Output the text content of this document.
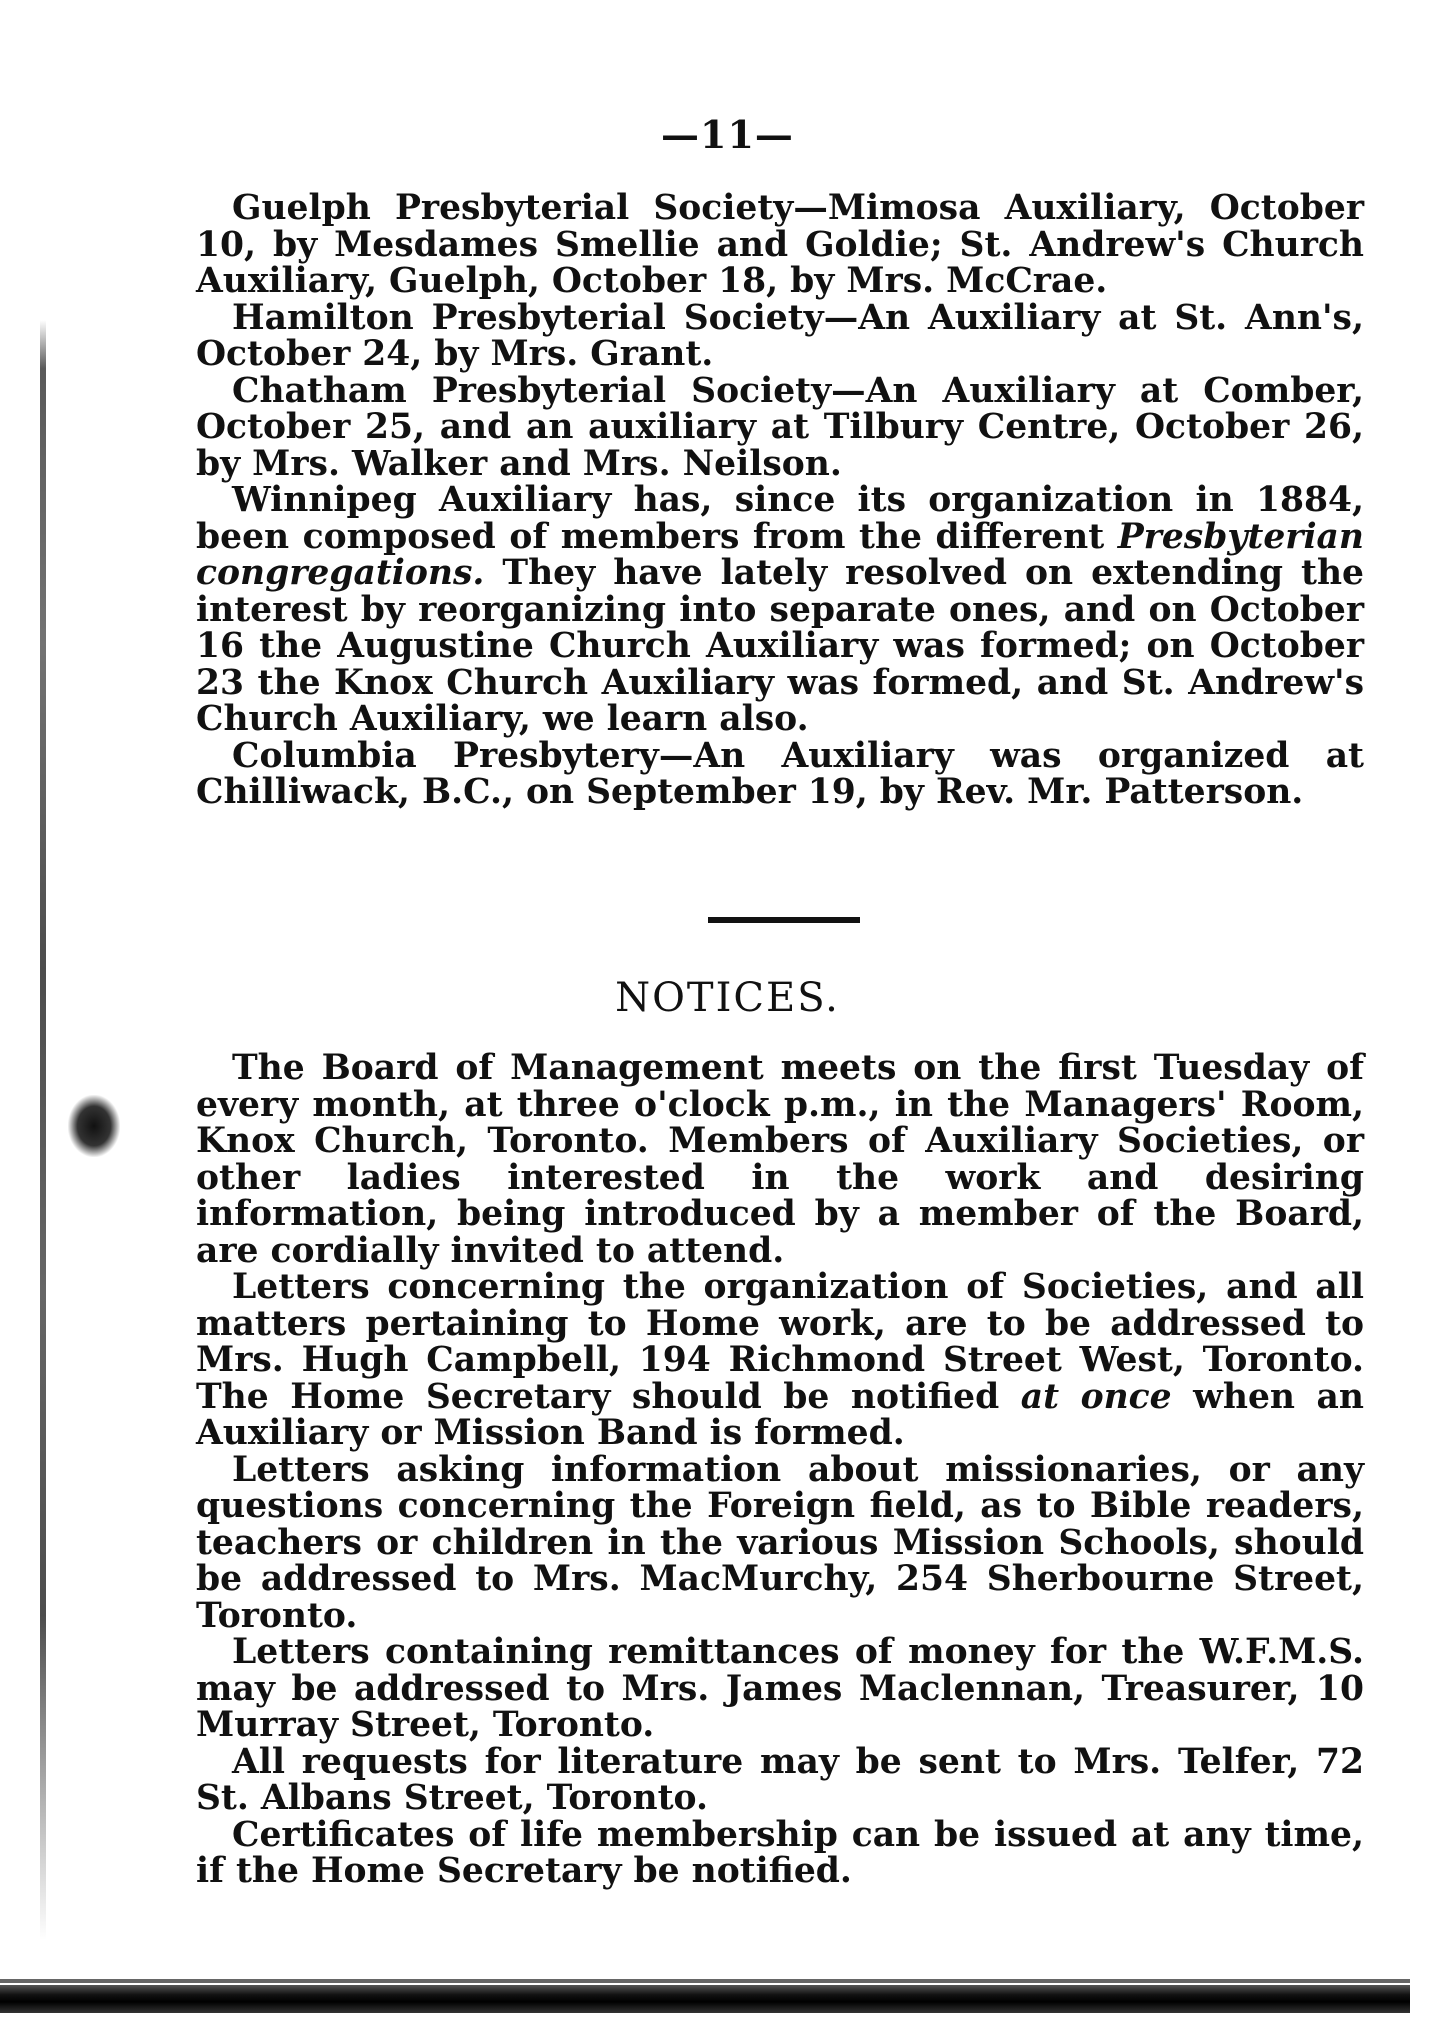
—11—

Guelph Presbyterial Society—Mimosa Auxiliary, October 10, by Mesdames Smellie and Goldie; St. Andrew's Church Auxiliary, Guelph, October 18, by Mrs. McCrae.

Hamilton Presbyterial Society—An Auxiliary at St. Ann's, October 24, by Mrs. Grant.

Chatham Presbyterial Society—An Auxiliary at Comber, October 25, and an auxiliary at Tilbury Centre, October 26, by Mrs. Walker and Mrs. Neilson.

Winnipeg Auxiliary has, since its organization in 1884, been composed of members from the different Presbyterian congregations. They have lately resolved on extending the interest by reorganizing into separate ones, and on October 16 the Augustine Church Auxiliary was formed; on October 23 the Knox Church Auxiliary was formed, and St. Andrew's Church Auxiliary, we learn also.

Columbia Presbytery—An Auxiliary was organized at Chilliwack, B.C., on September 19, by Rev. Mr. Patterson.

NOTICES.

The Board of Management meets on the first Tuesday of every month, at three o'clock p.m., in the Managers' Room, Knox Church, Toronto. Members of Auxiliary Societies, or other ladies interested in the work and desiring information, being introduced by a member of the Board, are cordially invited to attend.

Letters concerning the organization of Societies, and all matters pertaining to Home work, are to be addressed to Mrs. Hugh Campbell, 194 Richmond Street West, Toronto. The Home Secretary should be notified at once when an Auxiliary or Mission Band is formed.

Letters asking information about missionaries, or any questions concerning the Foreign field, as to Bible readers, teachers or children in the various Mission Schools, should be addressed to Mrs. MacMurchy, 254 Sherbourne Street, Toronto.

Letters containing remittances of money for the W.F.M.S. may be addressed to Mrs. James Maclennan, Treasurer, 10 Murray Street, Toronto.

All requests for literature may be sent to Mrs. Telfer, 72 St. Albans Street, Toronto.

Certificates of life membership can be issued at any time, if the Home Secretary be notified.
